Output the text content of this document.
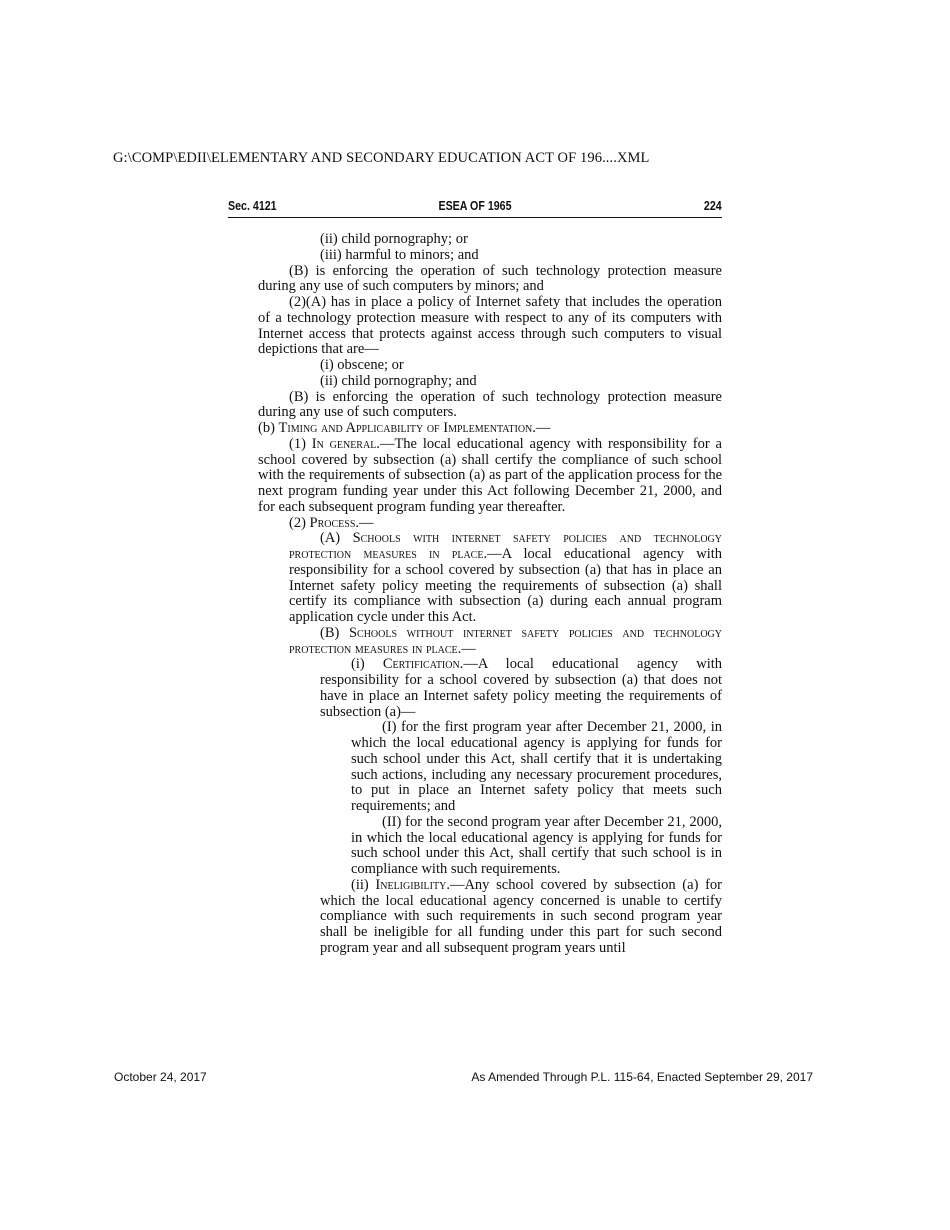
G:\COMP\EDII\ELEMENTARY AND SECONDARY EDUCATION ACT OF 196....XML
Sec. 4121	ESEA OF 1965	224

(ii) child pornography; or

(iii) harmful to minors; and

(B) is enforcing the operation of such technology protection measure during any use of such computers by minors; and

(2)(A) has in place a policy of Internet safety that includes the operation of a technology protection measure with respect to any of its computers with Internet access that protects against access through such computers to visual depictions that are—

(i) obscene; or

(ii) child pornography; and

(B) is enforcing the operation of such technology protection measure during any use of such computers.

(b) Timing and Applicability of Implementation.—

(1) In general.—The local educational agency with responsibility for a school covered by subsection (a) shall certify the compliance of such school with the requirements of subsection (a) as part of the application process for the next program funding year under this Act following December 21, 2000, and for each subsequent program funding year thereafter.

(2) Process.—

(A) Schools with internet safety policies and technology protection measures in place.—A local educational agency with responsibility for a school covered by subsection (a) that has in place an Internet safety policy meeting the requirements of subsection (a) shall certify its compliance with subsection (a) during each annual program application cycle under this Act.

(B) Schools without internet safety policies and technology protection measures in place.—

(i) Certification.—A local educational agency with responsibility for a school covered by subsection (a) that does not have in place an Internet safety policy meeting the requirements of subsection (a)—

(I) for the first program year after December 21, 2000, in which the local educational agency is applying for funds for such school under this Act, shall certify that it is undertaking such actions, including any necessary procurement procedures, to put in place an Internet safety policy that meets such requirements; and

(II) for the second program year after December 21, 2000, in which the local educational agency is applying for funds for such school under this Act, shall certify that such school is in compliance with such requirements.

(ii) Ineligibility.—Any school covered by subsection (a) for which the local educational agency concerned is unable to certify compliance with such requirements in such second program year shall be ineligible for all funding under this part for such second program year and all subsequent program years until

October 24, 2017	As Amended Through P.L. 115-64, Enacted September 29, 2017
